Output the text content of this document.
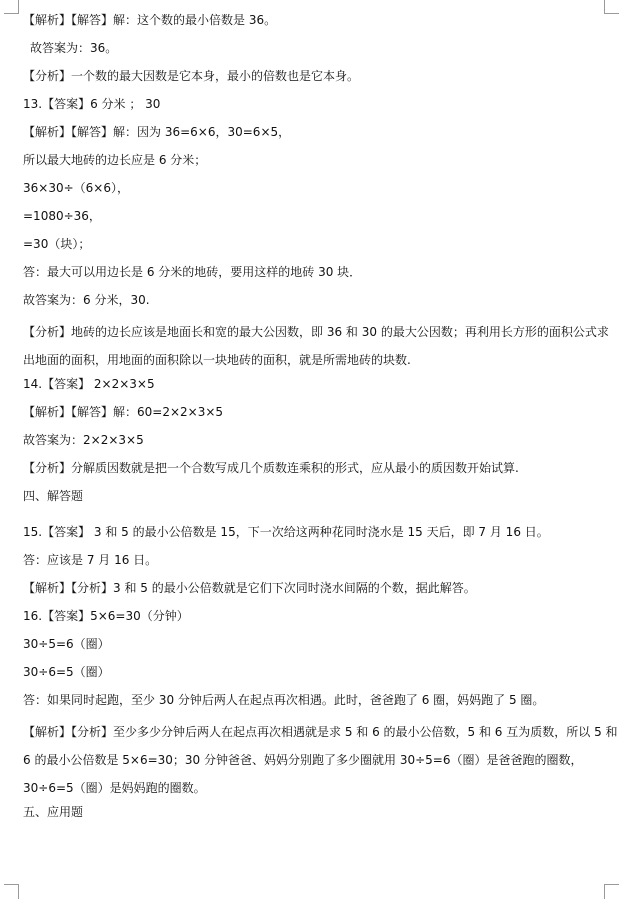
【解析】【解答】解：这个数的最小倍数是 36。
故答案为：36。
【分析】一个数的最大因数是它本身，最小的倍数也是它本身。
13.【答案】6 分米 ； 30
【解析】【解答】解：因为 36=6×6，30=6×5，
所以最大地砖的边长应是 6 分米；
36×30÷（6×6），
=1080÷36，
=30（块）；
答：最大可以用边长是 6 分米的地砖，要用这样的地砖 30 块．
故答案为：6 分米，30.
【分析】地砖的边长应该是地面长和宽的最大公因数，即 36 和 30 的最大公因数；再利用长方形的面积公式求出地面的面积，用地面的面积除以一块地砖的面积，就是所需地砖的块数.
14.【答案】 2×2×3×5
【解析】【解答】解：60=2×2×3×5
故答案为：2×2×3×5
【分析】分解质因数就是把一个合数写成几个质数连乘积的形式，应从最小的质因数开始试算.
四、解答题
15.【答案】 3 和 5 的最小公倍数是 15，下一次给这两种花同时浇水是 15 天后，即 7 月 16 日。
答：应该是 7 月 16 日。
【解析】【分析】3 和 5 的最小公倍数就是它们下次同时浇水间隔的个数，据此解答。
16.【答案】5×6=30（分钟）
30÷5=6（圈）
30÷6=5（圈）
答：如果同时起跑，至少 30 分钟后两人在起点再次相遇。此时，爸爸跑了 6 圈，妈妈跑了 5 圈。
【解析】【分析】至少多少分钟后两人在起点再次相遇就是求 5 和 6 的最小公倍数，5 和 6 互为质数，所以 5 和 6 的最小公倍数是 5×6=30；30 分钟爸爸、妈妈分别跑了多少圈就用 30÷5=6（圈）是爸爸跑的圈数，30÷6=5（圈）是妈妈跑的圈数。
五、应用题
